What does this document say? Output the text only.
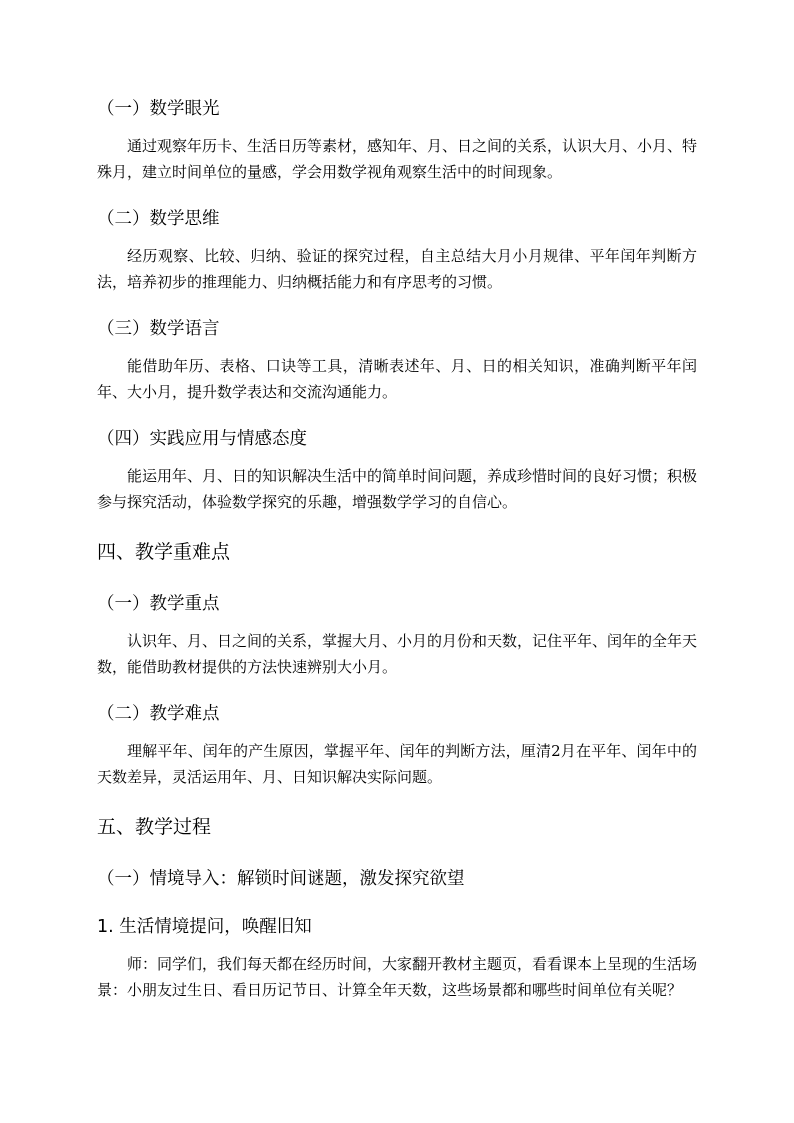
（一）数学眼光
通过观察年历卡、生活日历等素材，感知年、月、日之间的关系，认识大月、小月、特殊月，建立时间单位的量感，学会用数学视角观察生活中的时间现象。
（二）数学思维
经历观察、比较、归纳、验证的探究过程，自主总结大月小月规律、平年闰年判断方法，培养初步的推理能力、归纳概括能力和有序思考的习惯。
（三）数学语言
能借助年历、表格、口诀等工具，清晰表述年、月、日的相关知识，准确判断平年闰年、大小月，提升数学表达和交流沟通能力。
（四）实践应用与情感态度
能运用年、月、日的知识解决生活中的简单时间问题，养成珍惜时间的良好习惯；积极参与探究活动，体验数学探究的乐趣，增强数学学习的自信心。
四、教学重难点
（一）教学重点
认识年、月、日之间的关系，掌握大月、小月的月份和天数，记住平年、闰年的全年天数，能借助教材提供的方法快速辨别大小月。
（二）教学难点
理解平年、闰年的产生原因，掌握平年、闰年的判断方法，厘清2月在平年、闰年中的天数差异，灵活运用年、月、日知识解决实际问题。
五、教学过程
（一）情境导入：解锁时间谜题，激发探究欲望
1. 生活情境提问，唤醒旧知
师：同学们，我们每天都在经历时间，大家翻开教材主题页，看看课本上呈现的生活场景：小朋友过生日、看日历记节日、计算全年天数，这些场景都和哪些时间单位有关呢？
